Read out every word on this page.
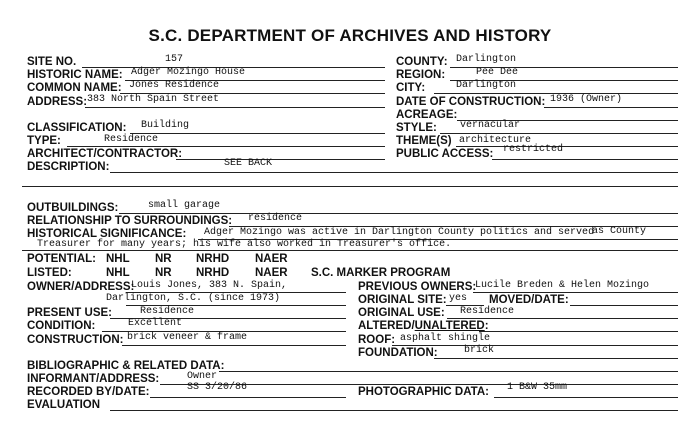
S.C. DEPARTMENT OF ARCHIVES AND HISTORY
SITE NO.	157	COUNTY: Darlington
HISTORIC NAME: Adger Mozingo House	REGION:	Pee Dee
COMMON NAME: Jones Residence	CITY:	Darlington
ADDRESS: 383 North Spain Street	DATE OF CONSTRUCTION: 1936 (Owner)
ACREAGE:
CLASSIFICATION: Building	STYLE: vernacular
TYPE:	Residence	THEME(S) architecture
ARCHITECT/CONTRACTOR:	PUBLIC ACCESS: restricted
DESCRIPTION:	SEE BACK
OUTBUILDINGS:	small garage
RELATIONSHIP TO SURROUNDINGS: residence
HISTORICAL SIGNIFICANCE: Adger Mozingo was active in Darlington County politics and served
as County
Treasurer for many years; his wife also worked in Treasurer's office.
POTENTIAL: NHL NR NRHD NAER
LISTED:	NHL NR NRHD NAER S.C. MARKER PROGRAM
OWNER/ADDRESS:
Louis Jones, 383 N. Spain,
Darlington, S.C. (since 1973)
PREVIOUS OWNERS:
Lucile Breden & Helen Mozingo
ORIGINAL SITE: yes MOVED/DATE:
PRESENT USE:	Residence	ORIGINAL USE: Residence
CONDITION:	Excellent	ALTERED/UNALTERED:
CONSTRUCTION: brick veneer & frame	ROOF: asphalt shingle
FOUNDATION:	brick
BIBLIOGRAPHIC & RELATED DATA:
INFORMANT/ADDRESS:	Owner
RECORDED BY/DATE:	SS 3/20/86	PHOTOGRAPHIC DATA: 1 B&W 35mm
EVALUATION
